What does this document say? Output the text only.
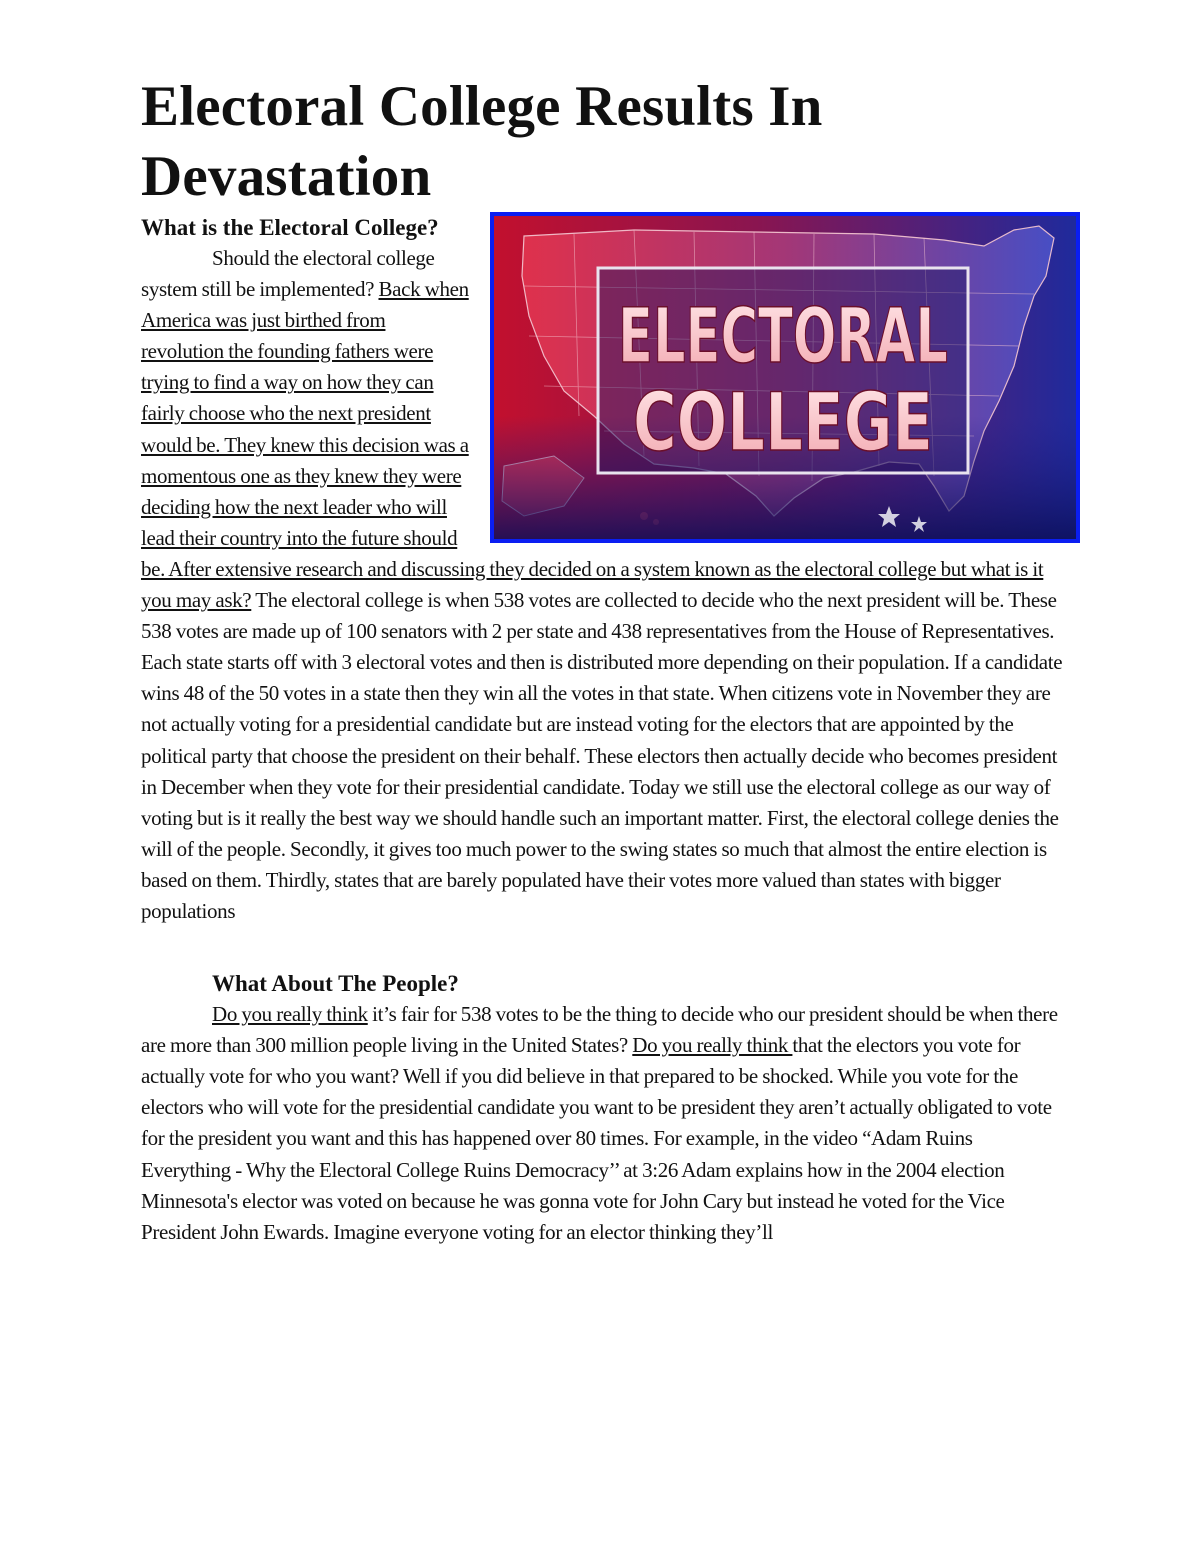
Electoral College Results In Devastation
ELECTORAL
COLLEGE
What is the Electoral College?

Should the electoral college system still be implemented? Back when America was just birthed from revolution the founding fathers were trying to find a way on how they can fairly choose who the next president would be. They knew this decision was a momentous one as they knew they were deciding how the next leader who will lead their country into the future should be. After extensive research and discussing they decided on a system known as the electoral college but what is it you may ask? The electoral college is when 538 votes are collected to decide who the next president will be. These 538 votes are made up of 100 senators with 2 per state and 438 representatives from the House of Representatives. Each state starts off with 3 electoral votes and then is distributed more depending on their population. If a candidate wins 48 of the 50 votes in a state then they win all the votes in that state. When citizens vote in November they are not actually voting for a presidential candidate but are instead voting for the electors that are appointed by the political party that choose the president on their behalf. These electors then actually decide who becomes president in December when they vote for their presidential candidate. Today we still use the electoral college as our way of voting but is it really the best way we should handle such an important matter. First, the electoral college denies the will of the people. Secondly, it gives too much power to the swing states so much that almost the entire election is based on them. Thirdly, states that are barely populated have their votes more valued than states with bigger populations

What About The People?

Do you really think it’s fair for 538 votes to be the thing to decide who our president should be when there are more than 300 million people living in the United States? Do you really think that the electors you vote for actually vote for who you want? Well if you did believe in that prepared to be shocked. While you vote for the electors who will vote for the presidential candidate you want to be president they aren’t actually obligated to vote for the president you want and this has happened over 80 times. For example, in the video “Adam Ruins Everything - Why the Electoral College Ruins Democracy’’ at 3:26 Adam explains how in the 2004 election Minnesota's elector was voted on because he was gonna vote for John Cary but instead he voted for the Vice President John Ewards. Imagine everyone voting for an elector thinking they’ll
